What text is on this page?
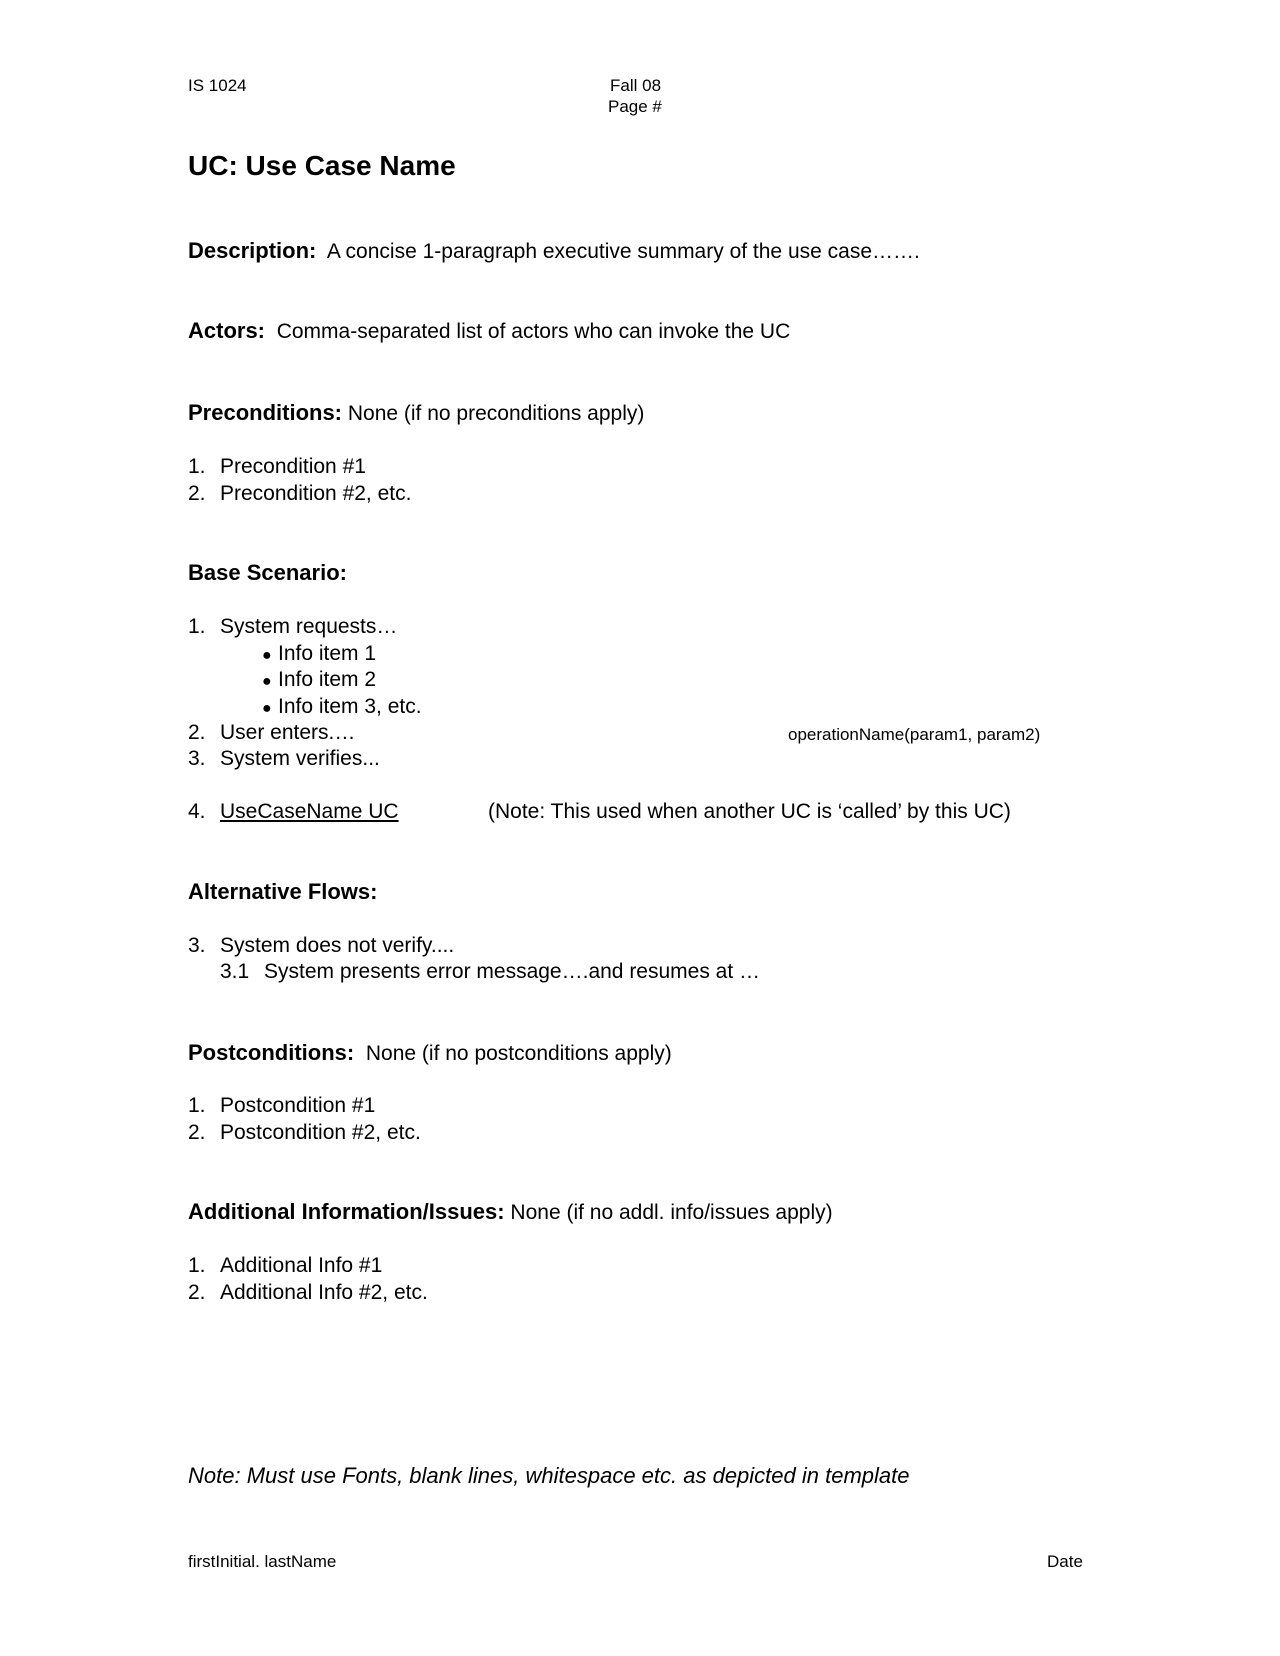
IS 1024	Fall 08
Page #
UC: Use Case Name
Description: A concise 1-paragraph executive summary of the use case…….
Actors: Comma-separated list of actors who can invoke the UC
Preconditions: None (if no preconditions apply)
1. Precondition #1
2. Precondition #2, etc.
Base Scenario:
1. System requests…
● Info item 1
● Info item 2
● Info item 3, etc.
2. User enters.…	operationName(param1, param2)
3. System verifies...
4. UseCaseName UC	(Note: This used when another UC is ‘called’ by this UC)
Alternative Flows:
3. System does not verify....
3.1 System presents error message….and resumes at …
Postconditions: None (if no postconditions apply)
1. Postcondition #1
2. Postcondition #2, etc.
Additional Information/Issues: None (if no addl. info/issues apply)
1. Additional Info #1
2. Additional Info #2, etc.
Note: Must use Fonts, blank lines, whitespace etc. as depicted in template
firstInitial. lastName	Date
